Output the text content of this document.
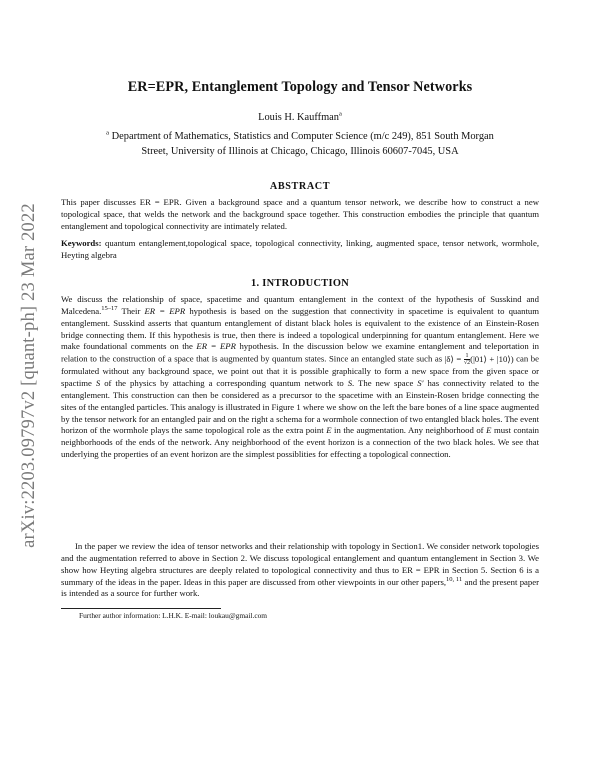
arXiv:2203.09797v2 [quant-ph] 23 Mar 2022
ER=EPR, Entanglement Topology and Tensor Networks
Louis H. Kauffman$^a$
$^a$ Department of Mathematics, Statistics and Computer Science (m/c 249), 851 South Morgan
Street, University of Illinois at Chicago, Chicago, Illinois 60607-7045, USA
ABSTRACT
This paper discusses ER = EPR. Given a background space and a quantum tensor network, we describe how to construct a new topological space, that welds the network and the background space together. This construction embodies the principle that quantum entanglement and topological connectivity are intimately related.
Keywords: quantum entanglement,topological space, topological connectivity, linking, augmented space, tensor network, wormhole, Heyting algebra
1. INTRODUCTION

We discuss the relationship of space, spacetime and quantum entanglement in the context of the hypothesis of Susskind and Malcedena.$^{15-17}$ Their ER = EPR hypothesis is based on the suggestion that connectivity in spacetime is equivalent to quantum entanglement. Susskind asserts that quantum entanglement of distant black holes is equivalent to the existence of an Einstein-Rosen bridge connecting them. If this hypothesis is true, then there is indeed a topological underpinning for quantum entanglement. Here we make foundational comments on the ER = EPR hypothesis. In the discussion below we examine entanglement and teleportation in relation to the construction of a space that is augmented by quantum states. Since an entangled state such as |δ⟩ = $\frac{1}{√2}$ (|01⟩ + |10⟩) can be formulated without any background space, we point out that it is possible graphically to form a new space from the given space or spactime S of the physics by attaching a corresponding quantum network to S. The new space S′ has connectivity related to the entanglement. This construction can then be considered as a precursor to the spacetime with an Einstein-Rosen bridge connecting the sites of the entangled particles. This analogy is illustrated in Figure 1 where we show on the left the bare bones of a line space augmented by the tensor network for an entangled pair and on the right a schema for a wormhole connection of two entangled black holes. The event horizon of the wormhole plays the same topological role as the extra point E in the augmentation. Any neighborhood of E must contain neighborhoods of the ends of the network. Any neighborhood of the event horizon is a connection of the two black holes. We see that underlying the properties of an event horizon are the simplest possiblities for effecting a topological connection.

In the paper we review the idea of tensor networks and their relationship with topology in Section1. We consider network topologies and the augmentation referred to above in Section 2. We discuss topological entanglement and quantum entanglement in Section 3. We show how Heyting algebra structures are deeply related to topological connectivity and thus to ER = EPR in Section 5. Section 6 is a summary of the ideas in the paper. Ideas in this paper are discussed from other viewpoints in our other papers,$^{10, 11}$ and the present paper is intended as a source for further work.

Further author information: L.H.K. E-mail: loukau@gmail.com
